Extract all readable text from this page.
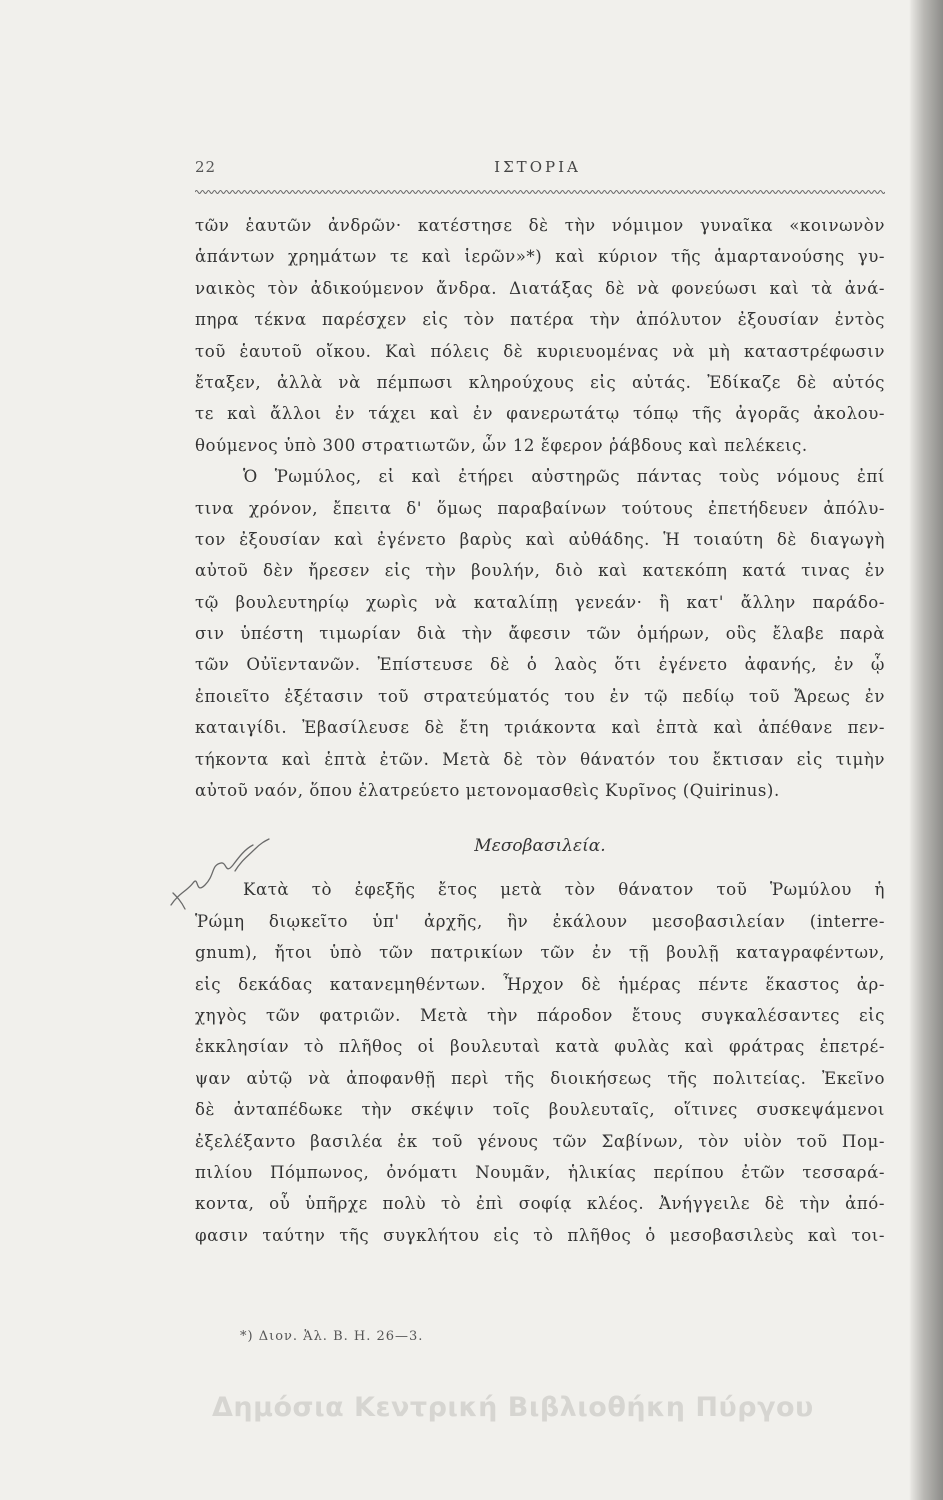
22	ΙΣΤΟΡΙΑ
τῶν ἑαυτῶν ἀνδρῶν· κατέστησε δὲ τὴν νόμιμον γυναῖκα «κοινωνὸν
ἁπάντων χρημάτων τε καὶ ἱερῶν»*) καὶ κύριον τῆς ἁμαρτανούσης γυ-
ναικὸς τὸν ἀδικούμενον ἄνδρα. Διατάξας δὲ νὰ φονεύωσι καὶ τὰ ἀνά-
πηρα τέκνα παρέσχεν εἰς τὸν πατέρα τὴν ἀπόλυτον ἐξουσίαν ἐντὸς
τοῦ ἑαυτοῦ οἴκου. Καὶ πόλεις δὲ κυριευομένας νὰ μὴ καταστρέφωσιν
ἔταξεν, ἀλλὰ νὰ πέμπωσι κληρούχους εἰς αὐτάς. Ἐδίκαζε δὲ αὐτός
τε καὶ ἄλλοι ἐν τάχει καὶ ἐν φανερωτάτῳ τόπῳ τῆς ἀγορᾶς ἀκολου-
θούμενος ὑπὸ 300 στρατιωτῶν, ὧν 12 ἔφερον ῥάβδους καὶ πελέκεις.
Ὁ Ῥωμύλος, εἰ καὶ ἐτήρει αὐστηρῶς πάντας τοὺς νόμους ἐπί
τινα χρόνον, ἔπειτα δ' ὅμως παραβαίνων τούτους ἐπετήδευεν ἀπόλυ-
τον ἐξουσίαν καὶ ἐγένετο βαρὺς καὶ αὐθάδης. Ἡ τοιαύτη δὲ διαγωγὴ
αὐτοῦ δὲν ἤρεσεν εἰς τὴν βουλήν, διὸ καὶ κατεκόπη κατά τινας ἐν
τῷ βουλευτηρίῳ χωρὶς νὰ καταλίπῃ γενεάν· ἢ κατ' ἄλλην παράδο-
σιν ὑπέστη τιμωρίαν διὰ τὴν ἄφεσιν τῶν ὁμήρων, οὓς ἔλαβε παρὰ
τῶν Οὐϊεντανῶν. Ἐπίστευσε δὲ ὁ λαὸς ὅτι ἐγένετο ἀφανής, ἐν ᾧ
ἐποιεῖτο ἐξέτασιν τοῦ στρατεύματός του ἐν τῷ πεδίῳ τοῦ Ἄρεως ἐν
καταιγίδι. Ἐβασίλευσε δὲ ἔτη τριάκοντα καὶ ἑπτὰ καὶ ἀπέθανε πεν-
τήκοντα καὶ ἑπτὰ ἐτῶν. Μετὰ δὲ τὸν θάνατόν του ἔκτισαν εἰς τιμὴν
αὐτοῦ ναόν, ὅπου ἐλατρεύετο μετονομασθεὶς Κυρῖνος (Quirinus).
Μεσοβασιλεία.
Κατὰ τὸ ἐφεξῆς ἔτος μετὰ τὸν θάνατον τοῦ Ῥωμύλου ἡ
Ῥώμη διῳκεῖτο ὑπ' ἀρχῆς, ἣν ἐκάλουν μεσοβασιλείαν (interre-
gnum), ἤτοι ὑπὸ τῶν πατρικίων τῶν ἐν τῇ βουλῇ καταγραφέντων,
εἰς δεκάδας κατανεμηθέντων. Ἦρχον δὲ ἡμέρας πέντε ἕκαστος ἀρ-
χηγὸς τῶν φατριῶν. Μετὰ τὴν πάροδον ἔτους συγκαλέσαντες εἰς
ἐκκλησίαν τὸ πλῆθος οἱ βουλευταὶ κατὰ φυλὰς καὶ φράτρας ἐπετρέ-
ψαν αὐτῷ νὰ ἀποφανθῇ περὶ τῆς διοικήσεως τῆς πολιτείας. Ἐκεῖνο
δὲ ἀνταπέδωκε τὴν σκέψιν τοῖς βουλευταῖς, οἵτινες συσκεψάμενοι
ἐξελέξαντο βασιλέα ἐκ τοῦ γένους τῶν Σαβίνων, τὸν υἱὸν τοῦ Πομ-
πιλίου Πόμπωνος, ὀνόματι Νουμᾶν, ἡλικίας περίπου ἐτῶν τεσσαρά-
κοντα, οὗ ὑπῆρχε πολὺ τὸ ἐπὶ σοφίᾳ κλέος. Ἀνήγγειλε δὲ τὴν ἀπό-
φασιν ταύτην τῆς συγκλήτου εἰς τὸ πλῆθος ὁ μεσοβασιλεὺς καὶ τοι-
*) Διον. Ἁλ. Β. Η. 26—3.
Δημόσια Κεντρική Βιβλιοθήκη Πύργου
